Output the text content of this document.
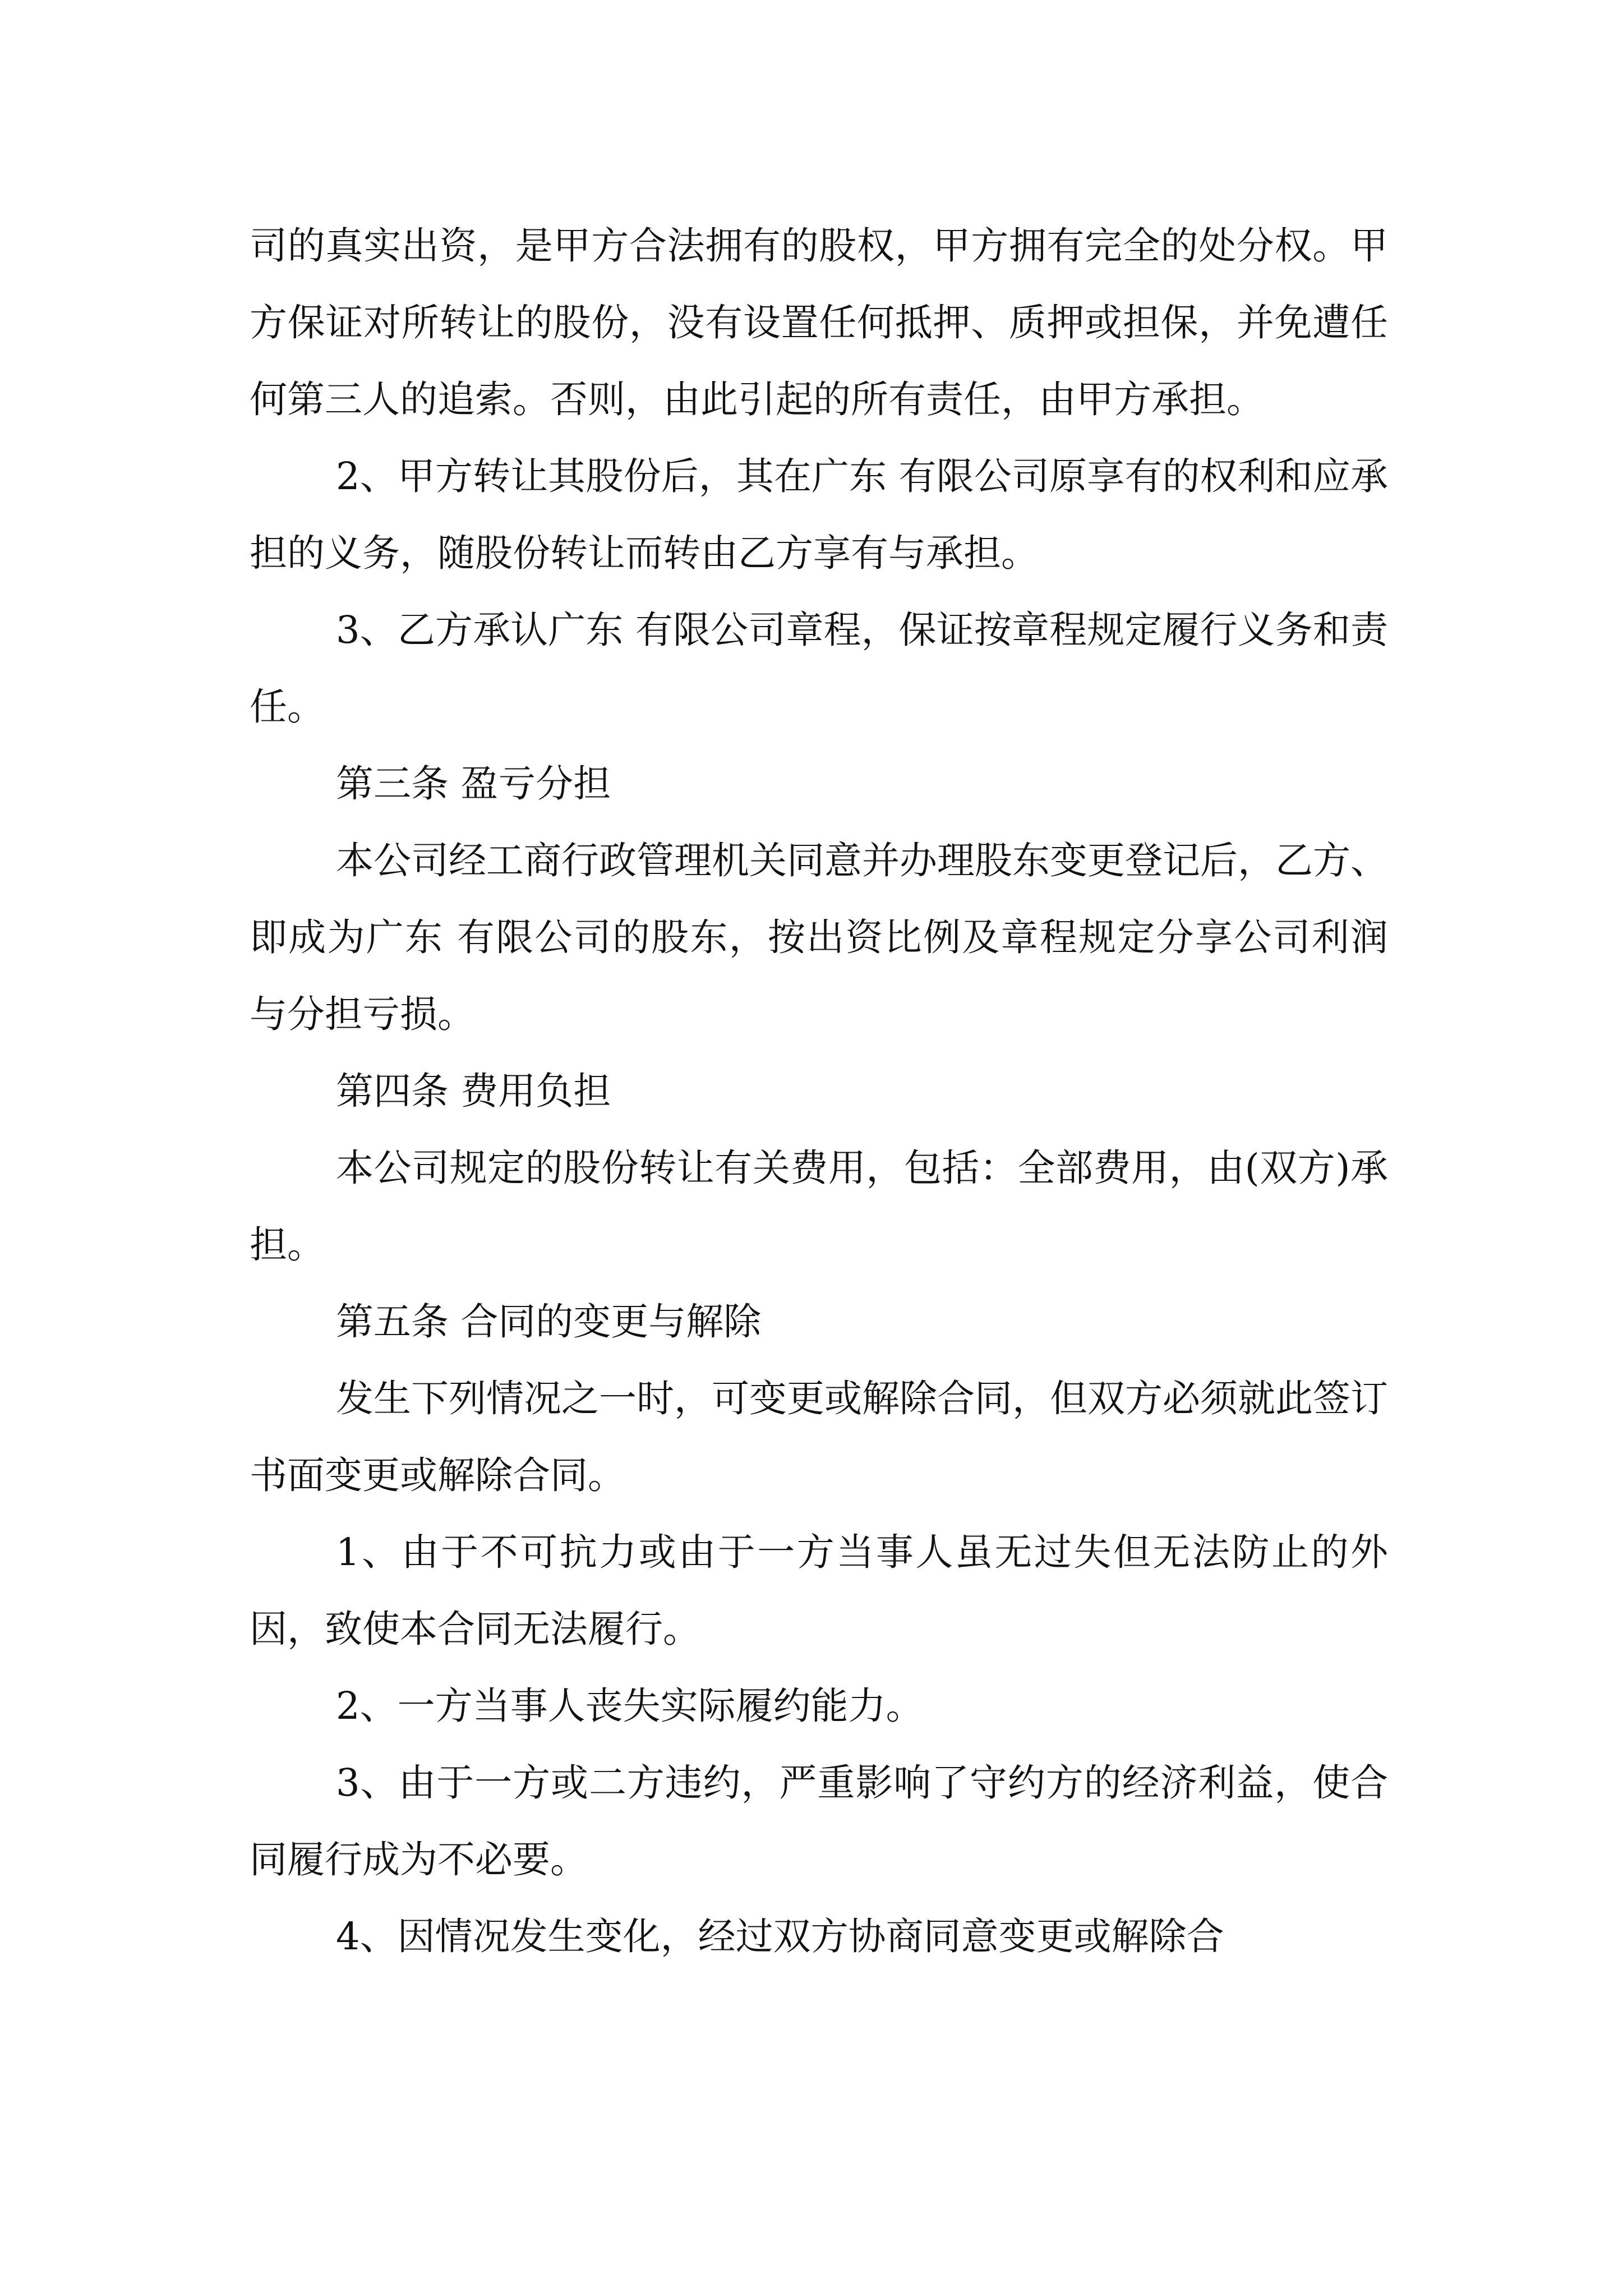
司的真实出资，是甲方合法拥有的股权，甲方拥有完全的处分权。甲方保证对所转让的股份，没有设置任何抵押、质押或担保，并免遭任何第三人的追索。否则，由此引起的所有责任，由甲方承担。

2、甲方转让其股份后，其在广东 有限公司原享有的权利和应承担的义务，随股份转让而转由乙方享有与承担。

3、乙方承认广东 有限公司章程，保证按章程规定履行义务和责任。

第三条 盈亏分担

本公司经工商行政管理机关同意并办理股东变更登记后，乙方、即成为广东 有限公司的股东，按出资比例及章程规定分享公司利润与分担亏损。

第四条 费用负担

本公司规定的股份转让有关费用，包括：全部费用，由(双方)承担。

第五条 合同的变更与解除

发生下列情况之一时，可变更或解除合同，但双方必须就此签订书面变更或解除合同。

1、由于不可抗力或由于一方当事人虽无过失但无法防止的外因，致使本合同无法履行。

2、一方当事人丧失实际履约能力。

3、由于一方或二方违约，严重影响了守约方的经济利益，使合同履行成为不必要。

4、因情况发生变化，经过双方协商同意变更或解除合
